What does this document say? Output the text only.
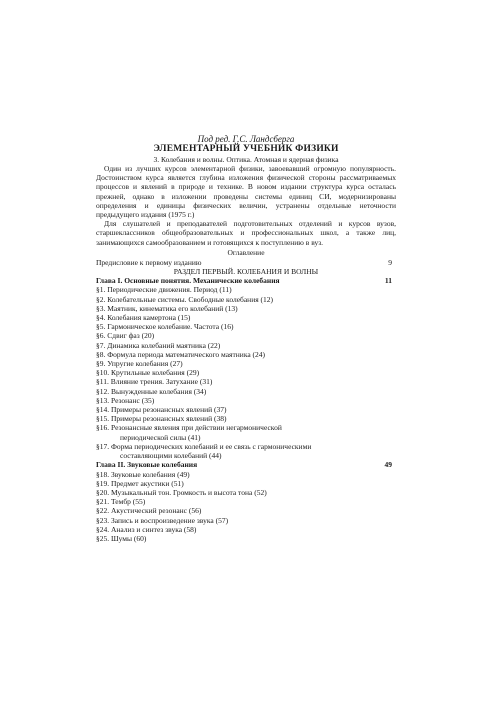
Под ред. Г.С. Ландсберга
ЭЛЕМЕНТАРНЫЙ УЧЕБНИК ФИЗИКИ
3. Колебания и волны. Оптика. Атомная и ядерная физика

Один из лучших курсов элементарной физики, завоевавший огромную популярность. Достоинством курса является глубина изложения физической стороны рассматриваемых процессов и явлений в природе и технике. В новом издании структура курса осталась прежней, однако в изложении проведены системы единиц СИ, модернизированы определения и единицы физических величин, устранены отдельные неточности предыдущего издания (1975 г.)

Для слушателей и преподавателей подготовительных отделений и курсов вузов, старшеклассников общеобразовательных и профессиональных школ, а также лиц, занимающихся самообразованием и готовящихся к поступлению в вуз.

Оглавление
Предисловие к первому изданию	9
РАЗДЕЛ ПЕРВЫЙ. КОЛЕБАНИЯ И ВОЛНЫ
Глава I. Основные понятия. Механические колебания	11
§1. Периодические движения. Период (11)
§2. Колебательные системы. Свободные колебания (12)
§3. Маятник, кинематика его колебаний (13)
§4. Колебания камертона (15)
§5. Гармоническое колебание. Частота (16)
§6. Сдвиг фаз (20)
§7. Динамика колебаний маятника (22)
§8. Формула периода математического маятника (24)
§9. Упругие колебания (27)
§10. Крутильные колебания (29)
§11. Влияние трения. Затухание (31)
§12. Вынужденные колебания (34)
§13. Резонанс (35)
§14. Примеры резонансных явлений (37)
§15. Примеры резонансных явлений (38)
§16. Резонансные явления при действии негармонической
периодической силы (41)
§17. Форма периодических колебаний и ее связь с гармоническими
составляющими колебаний (44)
Глава II. Звуковые колебания	49
§18. Звуковые колебания (49)
§19. Предмет акустики (51)
§20. Музыкальный тон. Громкость и высота тона (52)
§21. Тембр (55)
§22. Акустический резонанс (56)
§23. Запись и воспроизведение звука (57)
§24. Анализ и синтез звука (58)
§25. Шумы (60)
